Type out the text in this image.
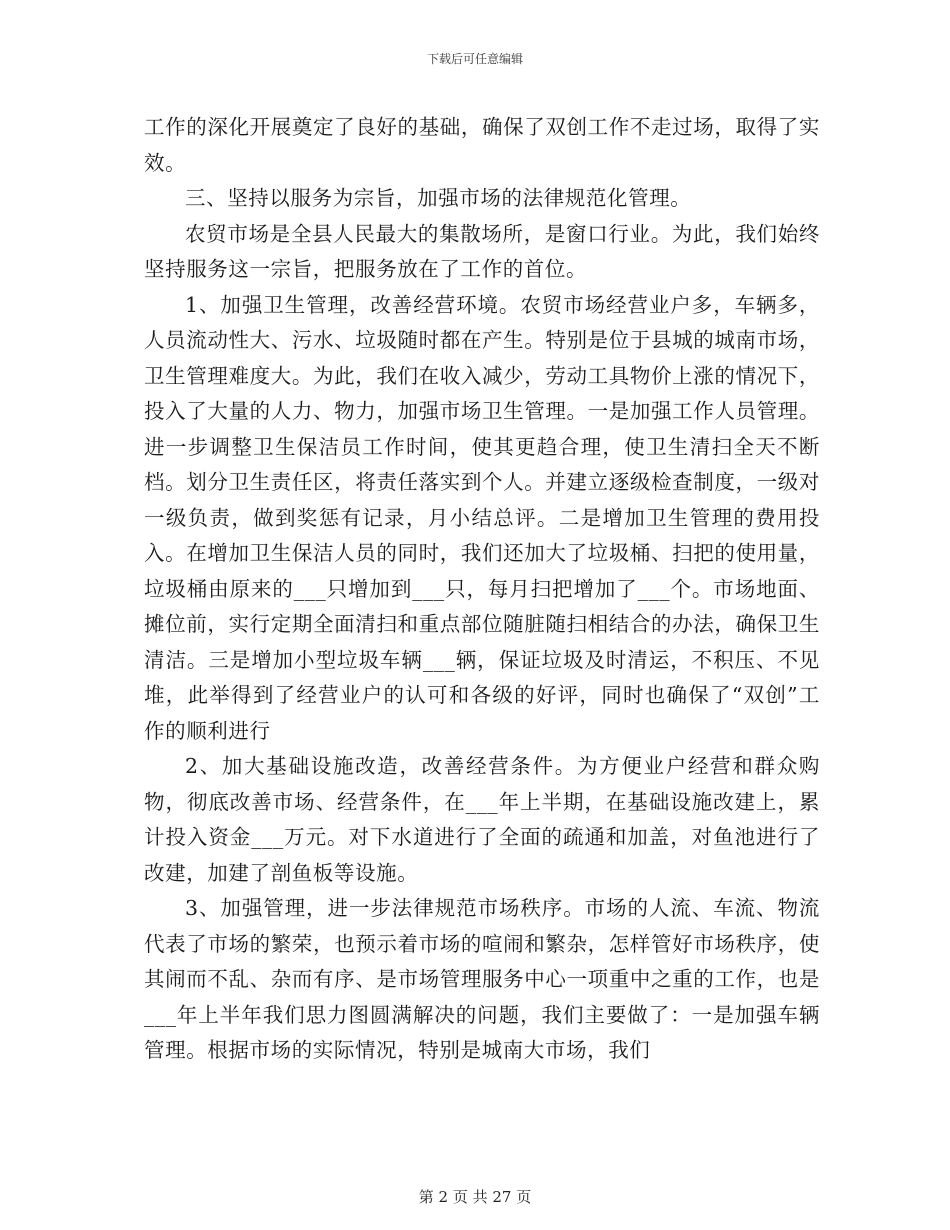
下载后可任意编辑

工作的深化开展奠定了良好的基础，确保了双创工作不走过场，取得了实效。

三、坚持以服务为宗旨，加强市场的法律规范化管理。

农贸市场是全县人民最大的集散场所，是窗口行业。为此，我们始终坚持服务这一宗旨，把服务放在了工作的首位。

1、加强卫生管理，改善经营环境。农贸市场经营业户多，车辆多，人员流动性大、污水、垃圾随时都在产生。特别是位于县城的城南市场，卫生管理难度大。为此，我们在收入减少，劳动工具物价上涨的情况下，投入了大量的人力、物力，加强市场卫生管理。一是加强工作人员管理。进一步调整卫生保洁员工作时间，使其更趋合理，使卫生清扫全天不断档。划分卫生责任区，将责任落实到个人。并建立逐级检查制度，一级对一级负责，做到奖惩有记录，月小结总评。二是增加卫生管理的费用投入。在增加卫生保洁人员的同时，我们还加大了垃圾桶、扫把的使用量，垃圾桶由原来的___只增加到___只，每月扫把增加了___个。市场地面、摊位前，实行定期全面清扫和重点部位随脏随扫相结合的办法，确保卫生清洁。三是增加小型垃圾车辆___辆，保证垃圾及时清运，不积压、不见堆，此举得到了经营业户的认可和各级的好评，同时也确保了“双创”工作的顺利进行

2、加大基础设施改造，改善经营条件。为方便业户经营和群众购物，彻底改善市场、经营条件，在___年上半期，在基础设施改建上，累计投入资金___万元。对下水道进行了全面的疏通和加盖，对鱼池进行了改建，加建了剖鱼板等设施。

3、加强管理，进一步法律规范市场秩序。市场的人流、车流、物流代表了市场的繁荣，也预示着市场的喧闹和繁杂，怎样管好市场秩序，使其闹而不乱、杂而有序、是市场管理服务中心一项重中之重的工作，也是___年上半年我们思力图圆满解决的问题，我们主要做了：一是加强车辆管理。根据市场的实际情况，特别是城南大市场，我们

第 2 页 共 27 页
